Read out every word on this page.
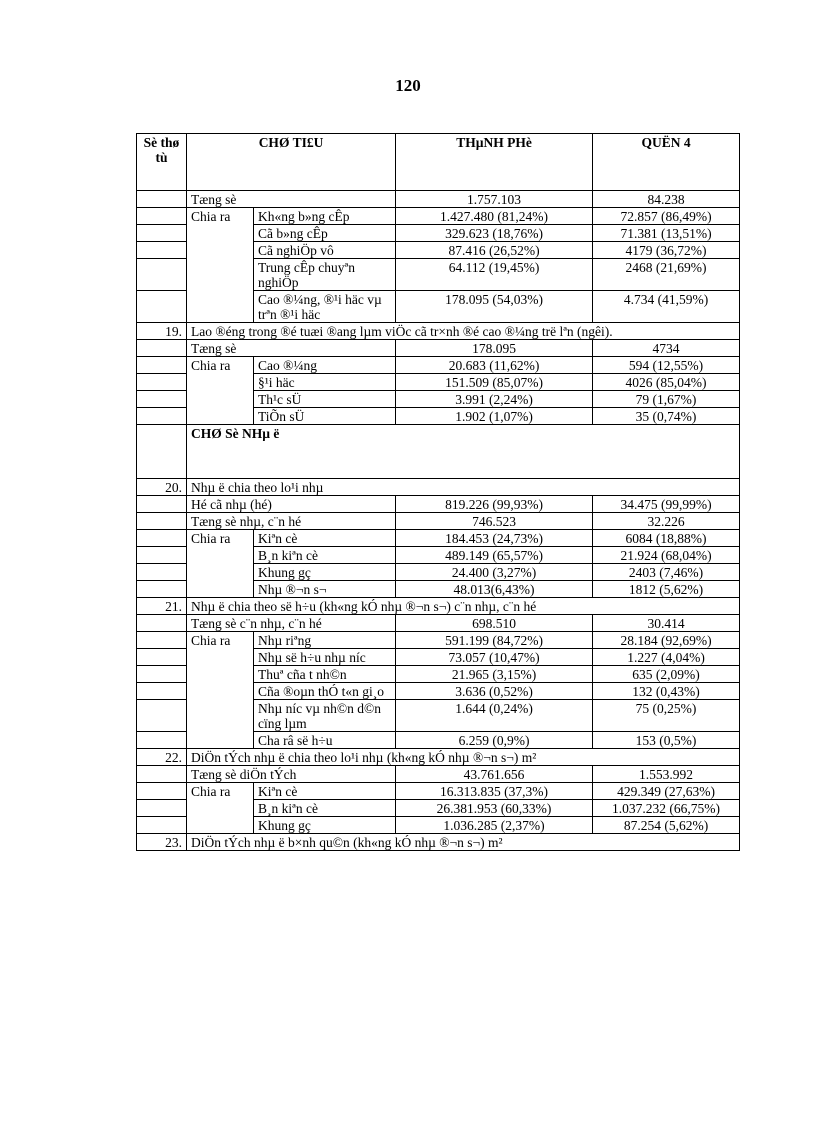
120
Sè thø tù	CHØ TI£U		THµNH PHè	QUËN 4
	Tæng sè		1.757.103	84.238
	Chia ra	Kh«ng b»ng cÊp	1.427.480 (81,24%)	72.857 (86,49%)
		Cã b»ng cÊp	329.623 (18,76%)	71.381 (13,51%)
		Cã nghiÖp vô	87.416 (26,52%)	4179 (36,72%)
		Trung cÊp chuyªn nghiÖp	64.112 (19,45%)	2468 (21,69%)
		Cao ®¼ng, ®¹i häc vµ trªn ®¹i häc	178.095 (54,03%)	4.734 (41,59%)
19.	Lao ®éng trong ®é tuæi ®ang lµm viÖc cã tr×nh ®é cao ®¼ng trë lªn (ngêi).			
	Tæng sè		178.095	4734
	Chia ra	Cao ®¼ng	20.683 (11,62%)	594 (12,55%)
		§¹i häc	151.509 (85,07%)	4026 (85,04%)
		Th¹c sÜ	3.991 (2,24%)	79 (1,67%)
		TiÕn sÜ	1.902 (1,07%)	35 (0,74%)
	CHØ Sè NHµ ë			
20.	Nhµ ë chia theo lo¹i nhµ			
	Hé cã nhµ (hé)		819.226 (99,93%)	34.475 (99,99%)
	Tæng sè nhµ, c¨n hé		746.523	32.226
	Chia ra	Kiªn cè	184.453 (24,73%)	6084 (18,88%)
		B¸n kiªn cè	489.149 (65,57%)	21.924 (68,04%)
		Khung gç	24.400 (3,27%)	2403 (7,46%)
		Nhµ ®¬n s¬	48.013(6,43%)	1812 (5,62%)
21.	Nhµ ë chia theo së h÷u (kh«ng kÓ nhµ ®¬n s¬) c¨n nhµ, c¨n hé			
	Tæng sè c¨n nhµ, c¨n hé		698.510	30.414
	Chia ra	Nhµ riªng	591.199 (84,72%)	28.184 (92,69%)
		Nhµ së h÷u nhµ níc	73.057 (10,47%)	1.227 (4,04%)
		Thuª cña t nh©n	21.965 (3,15%)	635 (2,09%)
		Cña ®oµn thÓ t«n gi¸o	3.636 (0,52%)	132 (0,43%)
		Nhµ níc vµ nh©n d©n cïng lµm	1.644 (0,24%)	75 (0,25%)
		Cha râ së h÷u	6.259 (0,9%)	153 (0,5%)
22.	DiÖn tÝch nhµ ë chia theo lo¹i nhµ (kh«ng kÓ nhµ ®¬n s¬) m²			
	Tæng sè diÖn tÝch		43.761.656	1.553.992
	Chia ra	Kiªn cè	16.313.835 (37,3%)	429.349 (27,63%)
		B¸n kiªn cè	26.381.953 (60,33%)	1.037.232 (66,75%)
		Khung gç	1.036.285 (2,37%)	87.254 (5,62%)
23.	DiÖn tÝch nhµ ë b×nh qu©n (kh«ng kÓ nhµ ®¬n s¬) m²			
